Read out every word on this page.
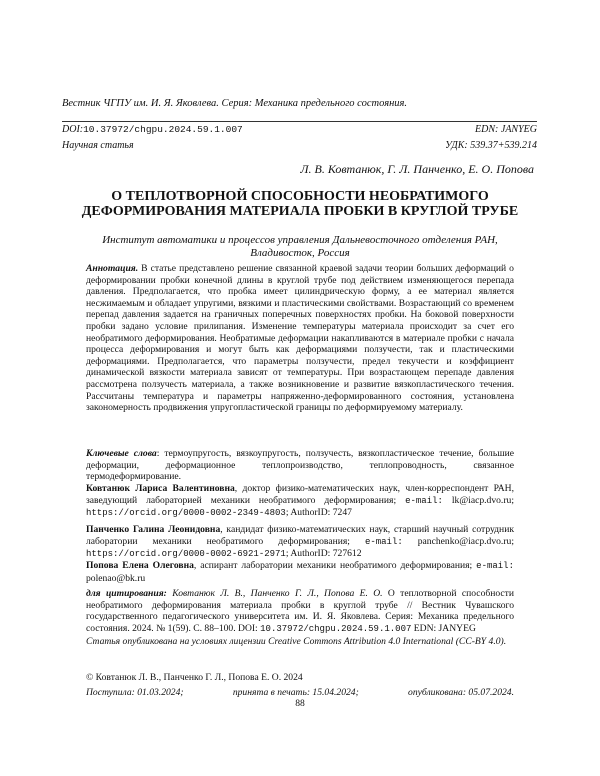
Вестник ЧГПУ им. И. Я. Яковлева. Серия: Механика предельного состояния.
DOI:10.37972/chgpu.2024.59.1.007	EDN: JANYEG
Научная статья	УДК: 539.37+539.214
Л. В. Ковтанюк, Г. Л. Панченко, Е. О. Попова
О ТЕПЛОТВОРНОЙ СПОСОБНОСТИ НЕОБРАТИМОГО ДЕФОРМИРОВАНИЯ МАТЕРИАЛА ПРОБКИ В КРУГЛОЙ ТРУБЕ
Институт автоматики и процессов управления Дальневосточного отделения РАН, Владивосток, Россия
Аннотация. В статье представлено решение связанной краевой задачи теории больших деформаций о деформировании пробки конечной длины в круглой трубе под действием изменяющегося перепада давления. Предполагается, что пробка имеет цилиндрическую форму, а ее материал является несжимаемым и обладает упругими, вязкими и пластическими свойствами. Возрастающий со временем перепад давления задается на граничных поперечных поверхностях пробки. На боковой поверхности пробки задано условие прилипания. Изменение температуры материала происходит за счет его необратимого деформирования. Необратимые деформации накапливаются в материале пробки с начала процесса деформирования и могут быть как деформациями ползучести, так и пластическими деформациями. Предполагается, что параметры ползучести, предел текучести и коэффициент динамической вязкости материала зависят от температуры. При возрастающем перепаде давления рассмотрена ползучесть материала, а также возникновение и развитие вязкопластического течения. Рассчитаны температура и параметры напряженно-деформированного состояния, установлена закономерность продвижения упругопластической границы по деформируемому материалу.
Ключевые слова: термоупругость, вязкоупругость, ползучесть, вязкопластическое течение, большие деформации, деформационное теплопроизводство, теплопроводность, связанное термодеформирование.
Ковтанюк Лариса Валентиновна, доктор физико-математических наук, член-корреспондент РАН, заведующий лабораторией механики необратимого деформирования; e-mail: lk@iacp.dvo.ru; https://orcid.org/0000-0002-2349-4803; AuthorID: 7247
Панченко Галина Леонидовна, кандидат физико-математических наук, старший научный сотрудник лаборатории механики необратимого деформирования; e-mail: panchenko@iacp.dvo.ru; https://orcid.org/0000-0002-6921-2971; AuthorID: 727612
Попова Елена Олеговна, аспирант лаборатории механики необратимого деформирования; e-mail: polenao@bk.ru
для цитирования: Ковтанюк Л. В., Панченко Г. Л., Попова Е. О. О теплотворной способности необратимого деформирования материала пробки в круглой трубе // Вестник Чувашского государственного педагогического университета им. И. Я. Яковлева. Серия: Механика предельного состояния. 2024. № 1(59). С. 88–100. DOI: 10.37972/chgpu.2024.59.1.007 EDN: JANYEG
Статья опубликована на условиях лицензии Creative Commons Attribution 4.0 International (CC-BY 4.0).
© Ковтанюк Л. В., Панченко Г. Л., Попова Е. О. 2024
Поступила: 01.03.2024;	принята в печать: 15.04.2024;	опубликована: 05.07.2024.
88
